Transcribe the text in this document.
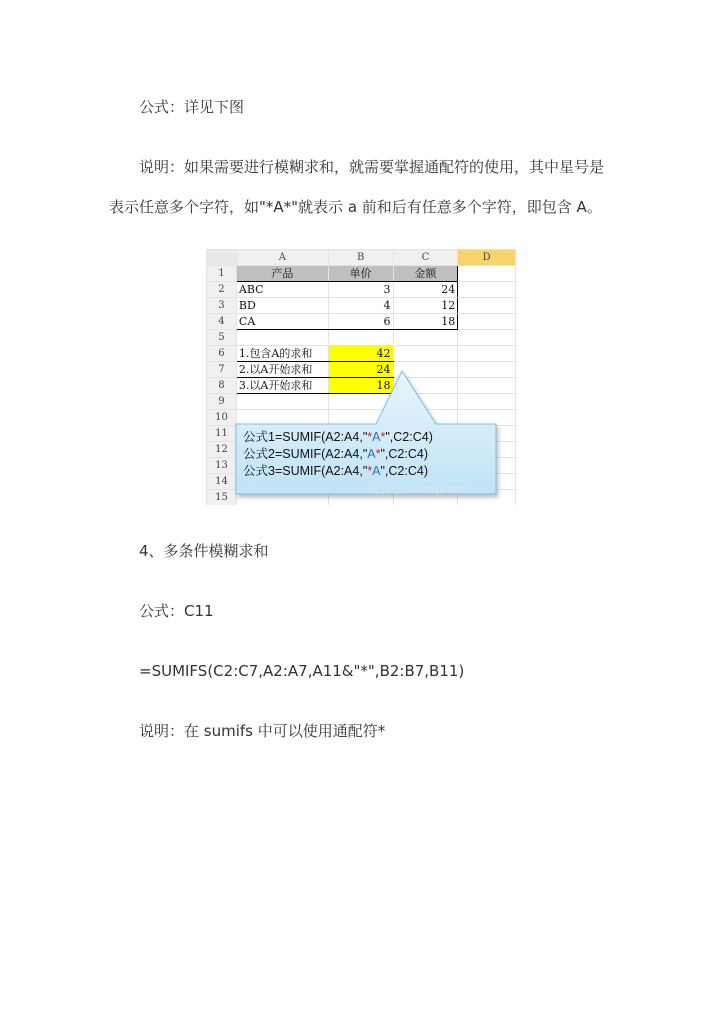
公式：详见下图
说明：如果需要进行模糊求和，就需要掌握通配符的使用，其中星号是
表示任意多个字符，如"*A*"就表示 a 前和后有任意多个字符，即包含 A。
	A	B	C	D
1	产品	单价	金额	
2	ABC	3	24	
3	BD	4	12	
4	CA	6	18	
5				
6	1.包含A的求和	42		
7	2.以A开始求和	24		
8	3.以A开始求和	18		
9				
10				
11				
12				
13				
14				
15				
公式1=SUMIF(A2:A4,"*A*",C2:C4)
公式2=SUMIF(A2:A4,"A*",C2:C4)
公式3=SUMIF(A2:A4,"*A",C2:C4)
微信号 / excelpxtete
4、多条件模糊求和
公式：C11
=SUMIFS(C2:C7,A2:A7,A11&"*",B2:B7,B11)
说明：在 sumifs 中可以使用通配符*
